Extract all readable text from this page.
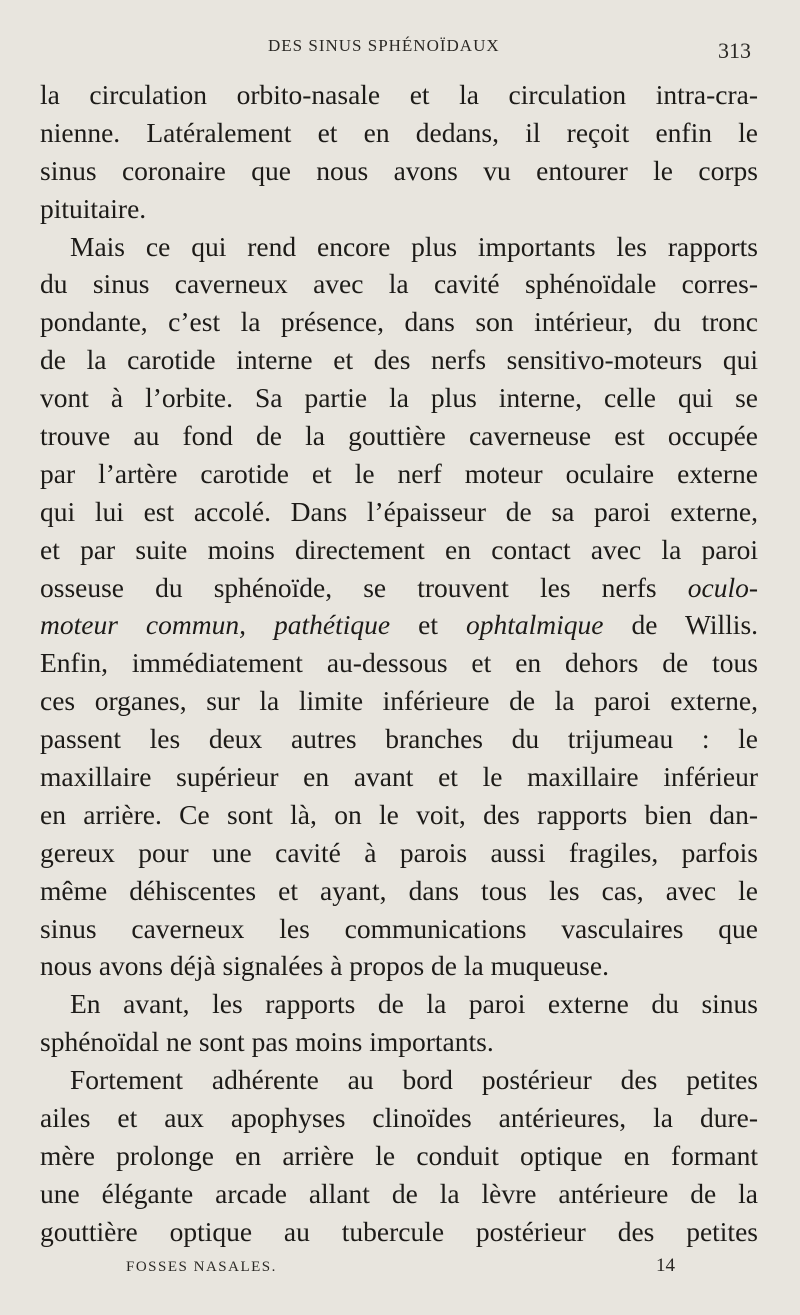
DES SINUS SPHÉNOÏDAUX	313
la circulation orbito-nasale et la circulation intra-cra-
nienne. Latéralement et en dedans, il reçoit enfin le
sinus coronaire que nous avons vu entourer le corps
pituitaire.
Mais ce qui rend encore plus importants les rapports
du sinus caverneux avec la cavité sphénoïdale corres-
pondante, c’est la présence, dans son intérieur, du tronc
de la carotide interne et des nerfs sensitivo-moteurs qui
vont à l’orbite. Sa partie la plus interne, celle qui se
trouve au fond de la gouttière caverneuse est occupée
par l’artère carotide et le nerf moteur oculaire externe
qui lui est accolé. Dans l’épaisseur de sa paroi externe,
et par suite moins directement en contact avec la paroi
osseuse du sphénoïde, se trouvent les nerfs oculo-
moteur commun, pathétique et ophtalmique de Willis.
Enfin, immédiatement au-dessous et en dehors de tous
ces organes, sur la limite inférieure de la paroi externe,
passent les deux autres branches du trijumeau : le
maxillaire supérieur en avant et le maxillaire inférieur
en arrière. Ce sont là, on le voit, des rapports bien dan-
gereux pour une cavité à parois aussi fragiles, parfois
même déhiscentes et ayant, dans tous les cas, avec le
sinus caverneux les communications vasculaires que
nous avons déjà signalées à propos de la muqueuse.
En avant, les rapports de la paroi externe du sinus
sphénoïdal ne sont pas moins importants.
Fortement adhérente au bord postérieur des petites
ailes et aux apophyses clinoïdes antérieures, la dure-
mère prolonge en arrière le conduit optique en formant
une élégante arcade allant de la lèvre antérieure de la
gouttière optique au tubercule postérieur des petites
FOSSES NASALES.	14
